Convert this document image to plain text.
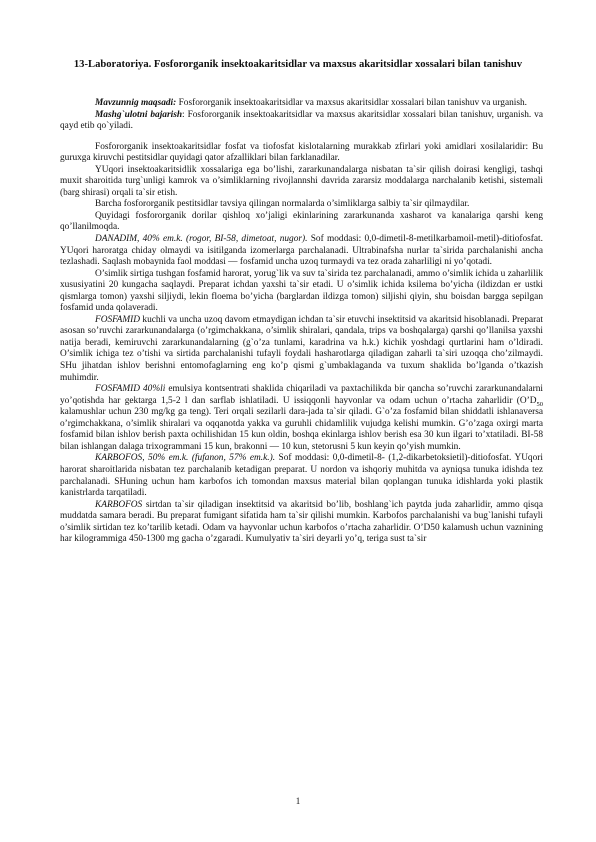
13-Laboratoriya. Fosfororganik insektoakaritsidlar va maxsus akaritsidlar xossalari bilan tanishuv

Mavzunnig maqsadi: Fosfororganik insektoakaritsidlar va maxsus akaritsidlar xossalari bilan tanishuv va urganish.

Mashg`ulotni bajarish: Fosfororganik insektoakaritsidlar va maxsus akaritsidlar xossalari bilan tanishuv, urganish. va qayd etib qo`yiladi.

Fosfororganik insektoakaritsidlar fosfat va tiofosfat kislotalarning murakkab zfirlari yoki amidlari xosilalaridir: Bu guruxga kiruvchi pestitsidlar quyidagi qator afzalliklari bilan farklanadilar.

YUqori insektoakaritsidlik xossalariga ega bo’lishi, zararkunandalarga nisbatan ta`sir qilish doirasi kengligi, tashqi muxit sharoitida turg`unligi kamrok va o’simliklarning rivojlannshi davrida zararsiz moddalarga narchalanib ketishi, sistemali (barg shirasi) orqali ta`sir etish.

Barcha fosfororganik pestitsidlar tavsiya qilingan normalarda o’simliklarga salbiy ta`sir qilmaydilar.

Quyidagi fosfororganik dorilar qishloq xo’jaligi ekinlarining zararkunanda xasharot va kanalariga qarshi keng qo’llanilmoqda.

DANADIM, 40% em.k. (rogor, BI-58, dimetoat, nugor). Sof moddasi: 0,0-dimetil-8-metilkarbamoil-metil)-ditiofosfat. YUqori haroratga chiday olmaydi va isitilganda izomerlarga parchalanadi. Ultrabinafsha nurlar ta`sirida parchalanishi ancha tezlashadi. Saqlash mobaynida faol moddasi — fosfamid uncha uzoq turmaydi va tez orada zaharliligi ni yo’qotadi.

O’simlik sirtiga tushgan fosfamid harorat, yorug`lik va suv ta`sirida tez parchalanadi, ammo o’simlik ichida u zaharlilik xususiyatini 20 kungacha saqlaydi. Preparat ichdan yaxshi ta`sir etadi. U o’simlik ichida ksilema bo’yicha (ildizdan er ustki qismlarga tomon) yaxshi siljiydi, lekin floema bo’yicha (barglardan ildizga tomon) siljishi qiyin, shu boisdan bargga sepilgan fosfamid unda qolaveradi.

FOSFAMID kuchli va uncha uzoq davom etmaydigan ichdan ta`sir etuvchi insektitsid va akaritsid hisoblanadi. Preparat asosan so’ruvchi zararkunandalarga (o’rgimchakkana, o’simlik shiralari, qandala, trips va boshqalarga) qarshi qo’llanilsa yaxshi natija beradi, kemiruvchi zararkunandalarning (g`o’za tunlami, karadrina va h.k.) kichik yoshdagi qurtlarini ham o’ldiradi. O’simlik ichiga tez o’tishi va sirtida parchalanishi tufayli foydali hasharotlarga qiladigan zaharli ta`siri uzoqqa cho’zilmaydi. SHu jihatdan ishlov berishni entomofaglarning eng ko’p qismi g`umbaklaganda va tuxum shaklida bo’lganda o’tkazish muhimdir.

FOSFAMID 40%li emulsiya kontsentrati shaklida chiqariladi va paxtachilikda bir qancha so’ruvchi zararkunandalarni yo’qotishda har gektarga 1,5-2 l dan sarflab ishlatiladi. U issiqqonli hayvonlar va odam uchun o’rtacha zaharlidir ($O’D_{50}$ kalamushlar uchun 230 mg/kg ga teng). Teri orqali sezilarli dara-jada ta`sir qiladi. G`o’za fosfamid bilan shiddatli ishlanaversa o’rgimchakkana, o’simlik shiralari va oqqanotda yakka va guruhli chidamlilik vujudga kelishi mumkin. G’o’zaga oxirgi marta fosfamid bilan ishlov berish paxta ochilishidan 15 kun oldin, boshqa ekinlarga ishlov berish esa 30 kun ilgari to’xtatiladi. BI-58 bilan ishlangan dalaga trixogrammani 15 kun, brakonni — 10 kun, stetorusni 5 kun keyin qo’yish mumkin.

KARBOFOS, 50% em.k. (fufanon, 57% em.k.). Sof moddasi: 0,0-dimetil-8- (1,2-dikarbetoksietil)-ditiofosfat. YUqori harorat sharoitlarida nisbatan tez parchalanib ketadigan preparat. U nordon va ishqoriy muhitda va ayniqsa tunuka idishda tez parchalanadi. SHuning uchun ham karbofos ich tomondan maxsus material bilan qoplangan tunuka idishlarda yoki plastik kanistrlarda tarqatiladi.

KARBOFOS sirtdan ta`sir qiladigan insektitsid va akaritsid bo’lib, boshlang`ich paytda juda zaharlidir, ammo qisqa muddatda samara beradi. Bu preparat fumigant sifatida ham ta`sir qilishi mumkin. Karbofos parchalanishi va bug`lanishi tufayli o’simlik sirtidan tez ko’tarilib ketadi. Odam va hayvonlar uchun karbofos o’rtacha zaharlidir. O’D50 kalamush uchun vaznining har kilogrammiga 450-1300 mg gacha o’zgaradi. Kumulyativ ta`siri deyarli yo’q, teriga sust ta`sir

1
